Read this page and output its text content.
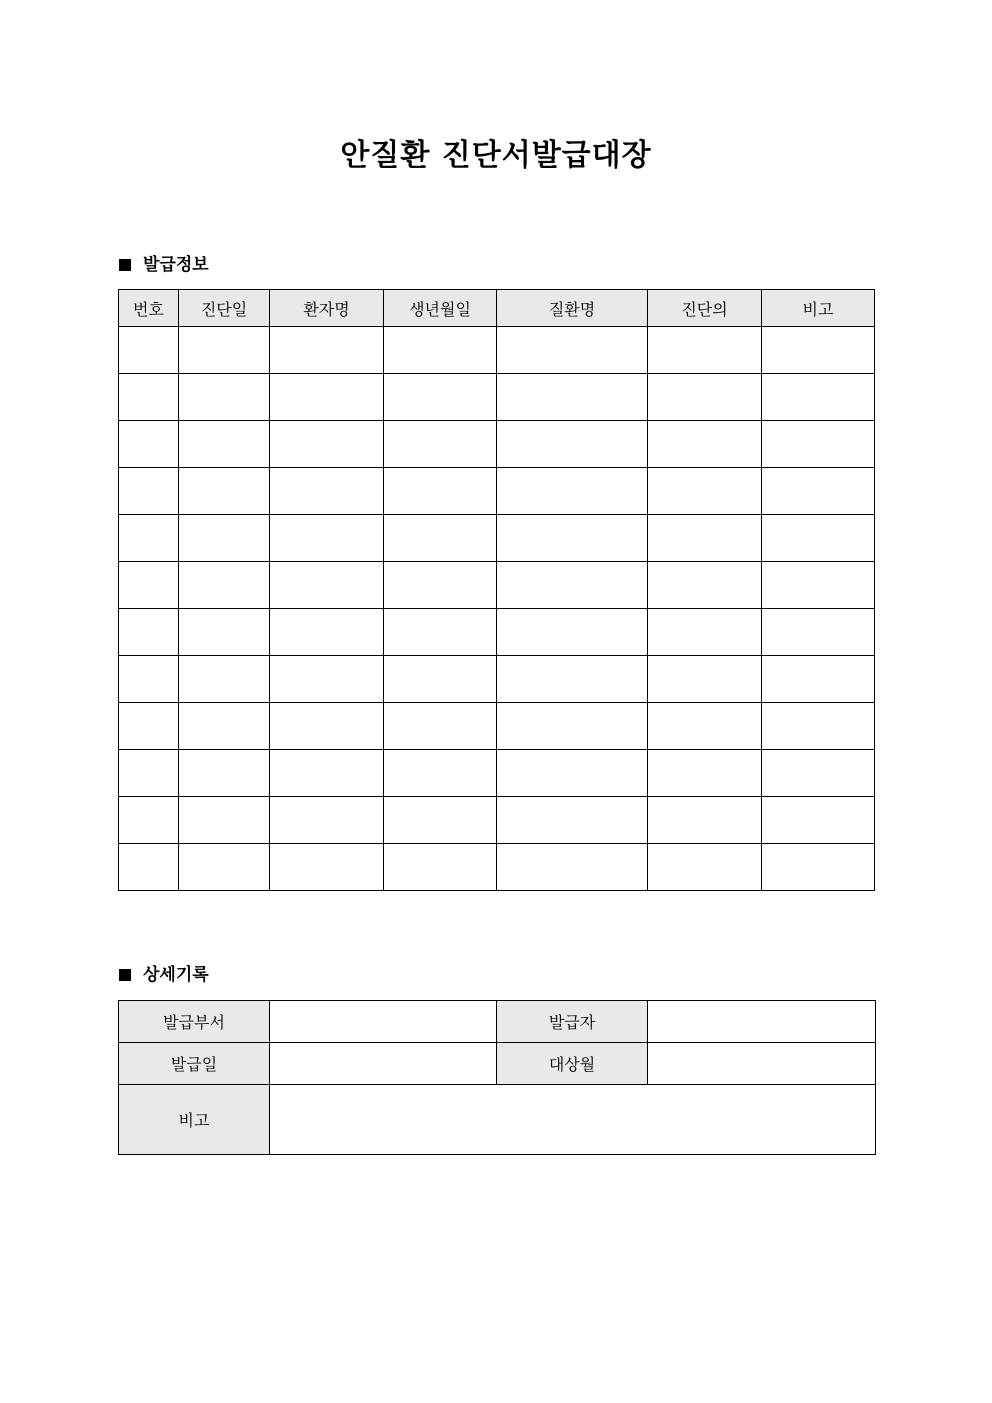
안질환 진단서발급대장
발급정보
번호	진단일	환자명	생년월일	질환명	진단의	비고

상세기록
발급부서		발급자	
발급일		대상월	
비고			
